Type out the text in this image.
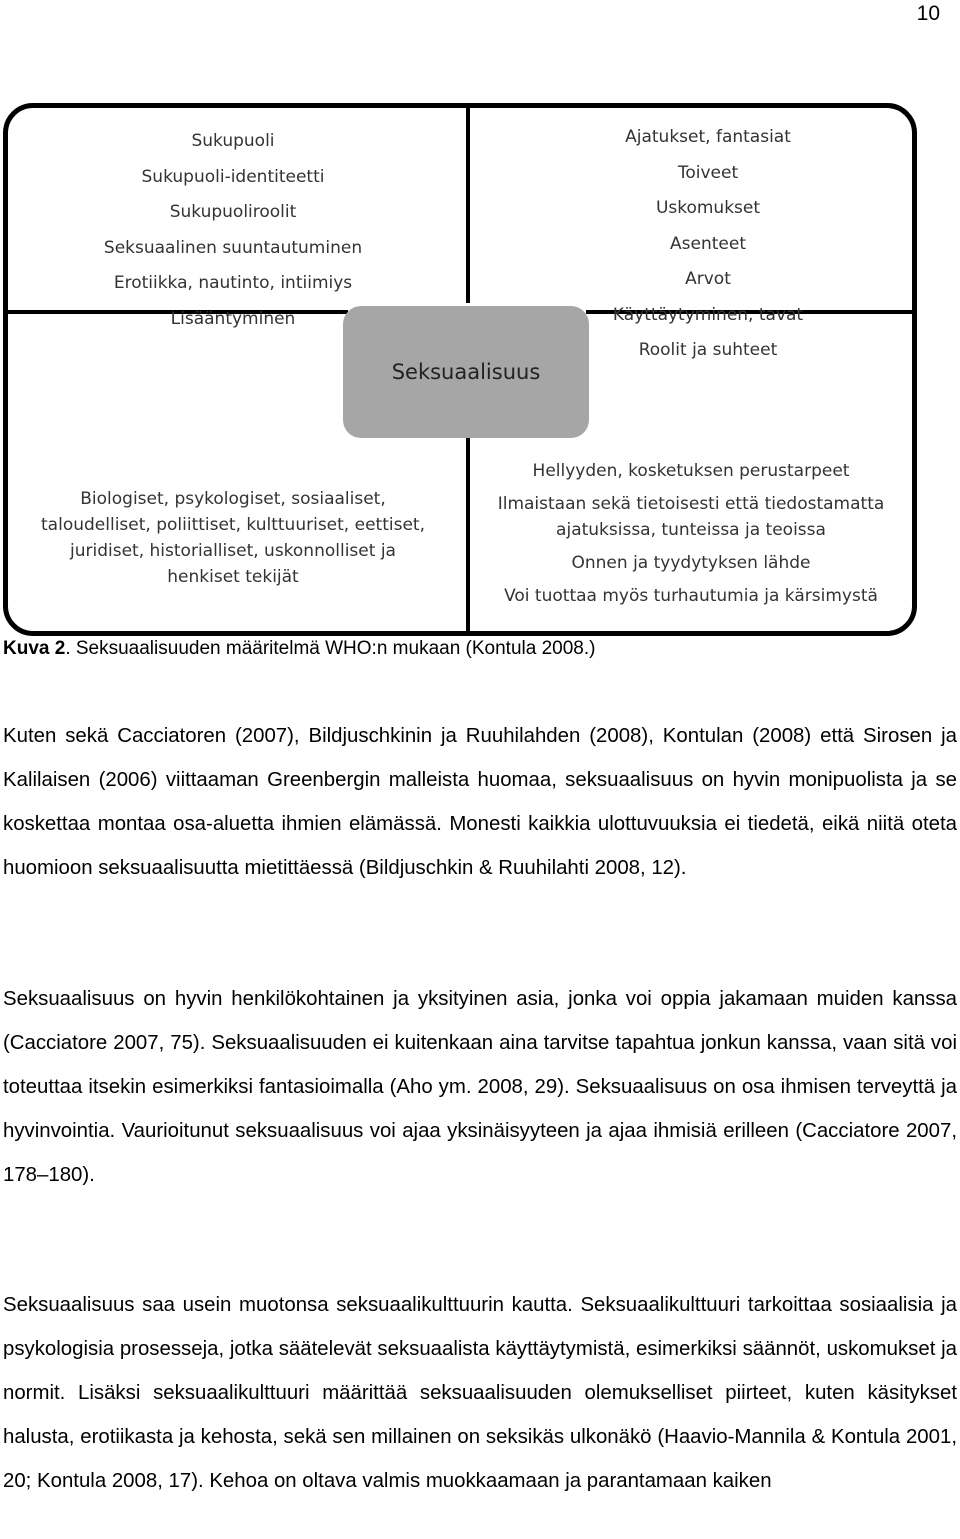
10
Sukupuoli
Sukupuoli-identiteetti
Sukupuoliroolit
Seksuaalinen suuntautuminen
Erotiikka, nautinto, intiimiys
Lisääntyminen
Ajatukset, fantasiat
Toiveet
Uskomukset
Asenteet
Arvot
Käyttäytyminen, tavat
Roolit ja suhteet
Seksuaalisuus
Biologiset, psykologiset, sosiaaliset,
taloudelliset, poliittiset, kulttuuriset, eettiset,
juridiset, historialliset, uskonnolliset ja
henkiset tekijät
Hellyyden, kosketuksen perustarpeet
Ilmaistaan sekä tietoisesti että tiedostamatta
ajatuksissa, tunteissa ja teoissa
Onnen ja tyydytyksen lähde
Voi tuottaa myös turhautumia ja kärsimystä
Kuva 2. Seksuaalisuuden määritelmä WHO:n mukaan (Kontula 2008.)

Kuten sekä Cacciatoren (2007), Bildjuschkinin ja Ruuhilahden (2008), Kontulan (2008) että Sirosen ja Kalilaisen (2006) viittaaman Greenbergin malleista huomaa, seksuaalisuus on hyvin monipuolista ja se koskettaa montaa osa-aluetta ihmien elämässä. Monesti kaikkia ulottuvuuksia ei tiedetä, eikä niitä oteta huomioon seksuaalisuutta mietittäessä (Bildjuschkin & Ruuhilahti 2008, 12).

Seksuaalisuus on hyvin henkilökohtainen ja yksityinen asia, jonka voi oppia jakamaan muiden kanssa (Cacciatore 2007, 75). Seksuaalisuuden ei kuitenkaan aina tarvitse tapahtua jonkun kanssa, vaan sitä voi toteuttaa itsekin esimerkiksi fantasioimalla (Aho ym. 2008, 29). Seksuaalisuus on osa ihmisen terveyttä ja hyvinvointia. Vaurioitunut seksuaalisuus voi ajaa yksinäisyyteen ja ajaa ihmisiä erilleen (Cacciatore 2007, 178–180).

Seksuaalisuus saa usein muotonsa seksuaalikulttuurin kautta. Seksuaalikulttuuri tarkoittaa sosiaalisia ja psykologisia prosesseja, jotka säätelevät seksuaalista käyttäytymistä, esimerkiksi säännöt, uskomukset ja normit. Lisäksi seksuaalikulttuuri määrittää seksuaalisuuden olemukselliset piirteet, kuten käsitykset halusta, erotiikasta ja kehosta, sekä sen millainen on seksikäs ulkonäkö (Haavio-Mannila & Kontula 2001, 20; Kontula 2008, 17). Kehoa on oltava valmis muokkaamaan ja parantamaan kaiken
